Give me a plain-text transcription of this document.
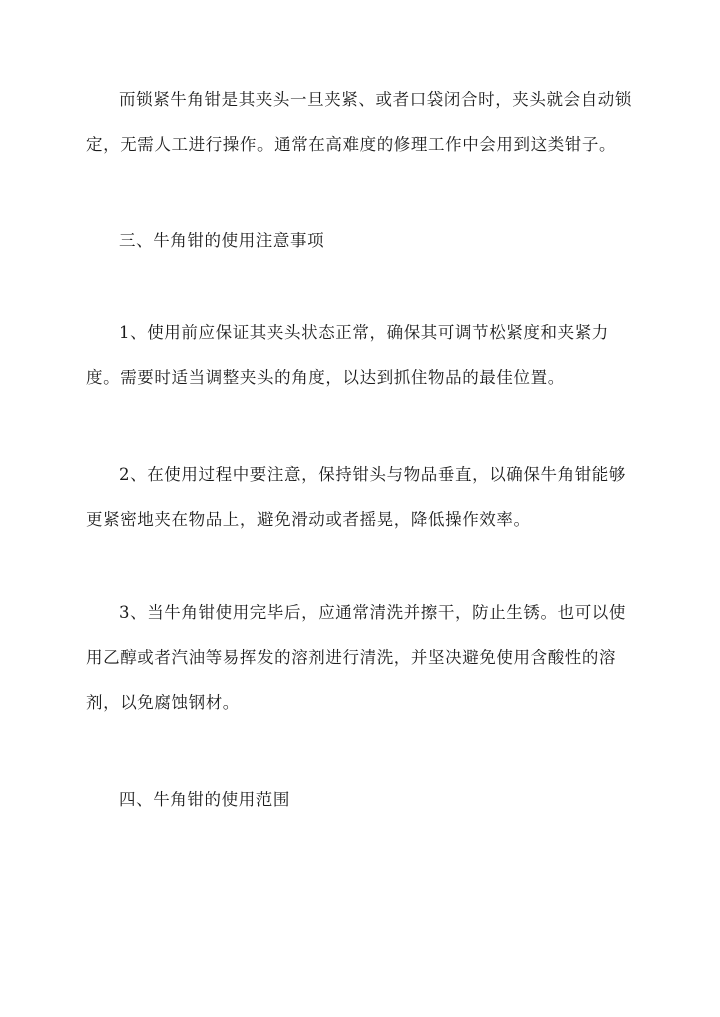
而锁紧牛角钳是其夹头一旦夹紧、或者口袋闭合时，夹头就会自动锁定，无需人工进行操作。通常在高难度的修理工作中会用到这类钳子。

三、牛角钳的使用注意事项

1、使用前应保证其夹头状态正常，确保其可调节松紧度和夹紧力度。需要时适当调整夹头的角度，以达到抓住物品的最佳位置。

2、在使用过程中要注意，保持钳头与物品垂直，以确保牛角钳能够更紧密地夹在物品上，避免滑动或者摇晃，降低操作效率。

3、当牛角钳使用完毕后，应通常清洗并擦干，防止生锈。也可以使用乙醇或者汽油等易挥发的溶剂进行清洗，并坚决避免使用含酸性的溶剂，以免腐蚀钢材。

四、牛角钳的使用范围
